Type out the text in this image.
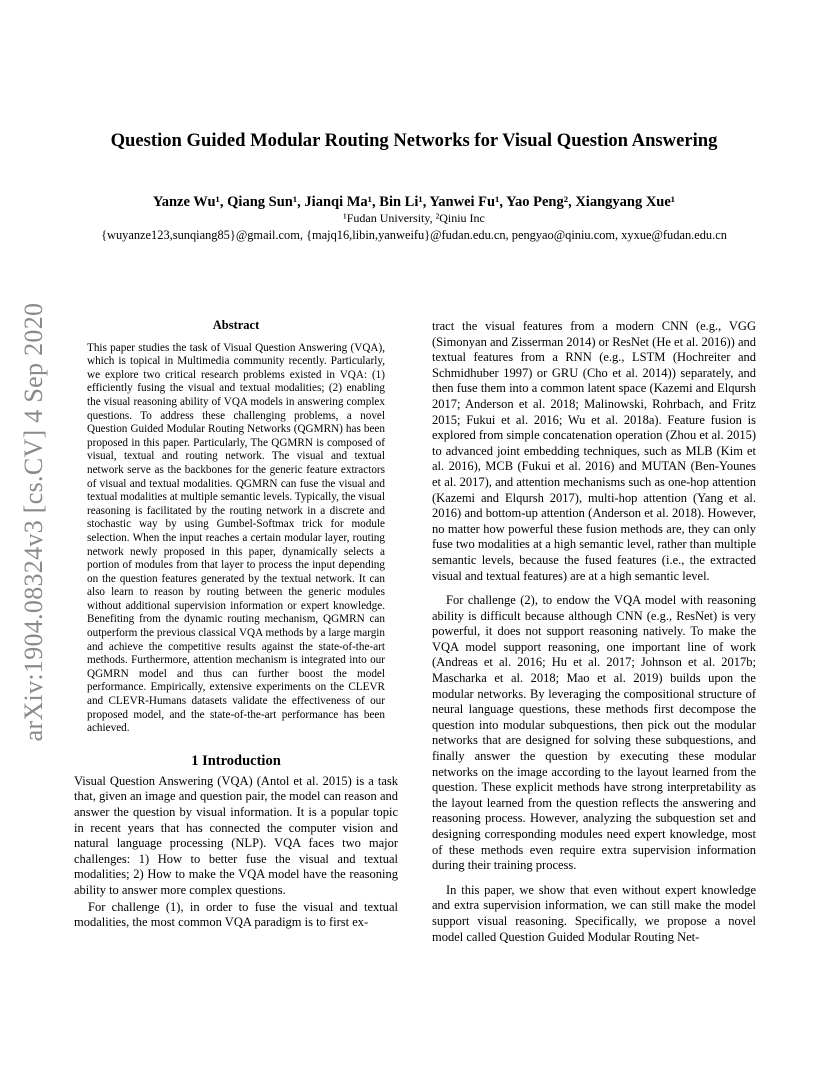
arXiv:1904.08324v3 [cs.CV] 4 Sep 2020
Question Guided Modular Routing Networks for Visual Question Answering
Yanze Wu¹, Qiang Sun¹, Jianqi Ma¹, Bin Li¹, Yanwei Fu¹, Yao Peng², Xiangyang Xue¹
¹Fudan University, ²Qiniu Inc
{wuyanze123,sunqiang85}@gmail.com, {majq16,libin,yanweifu}@fudan.edu.cn, pengyao@qiniu.com, xyxue@fudan.edu.cn
Abstract

This paper studies the task of Visual Question Answering (VQA), which is topical in Multimedia community recently. Particularly, we explore two critical research problems existed in VQA: (1) efficiently fusing the visual and textual modalities; (2) enabling the visual reasoning ability of VQA models in answering complex questions. To address these challenging problems, a novel Question Guided Modular Routing Networks (QGMRN) has been proposed in this paper. Particularly, The QGMRN is composed of visual, textual and routing network. The visual and textual network serve as the backbones for the generic feature extractors of visual and textual modalities. QGMRN can fuse the visual and textual modalities at multiple semantic levels. Typically, the visual reasoning is facilitated by the routing network in a discrete and stochastic way by using Gumbel-Softmax trick for module selection. When the input reaches a certain modular layer, routing network newly proposed in this paper, dynamically selects a portion of modules from that layer to process the input depending on the question features generated by the textual network. It can also learn to reason by routing between the generic modules without additional supervision information or expert knowledge. Benefiting from the dynamic routing mechanism, QGMRN can outperform the previous classical VQA methods by a large margin and achieve the competitive results against the state-of-the-art methods. Furthermore, attention mechanism is integrated into our QGMRN model and thus can further boost the model performance. Empirically, extensive experiments on the CLEVR and CLEVR-Humans datasets validate the effectiveness of our proposed model, and the state-of-the-art performance has been achieved.

1 Introduction

Visual Question Answering (VQA) (Antol et al. 2015) is a task that, given an image and question pair, the model can reason and answer the question by visual information. It is a popular topic in recent years that has connected the computer vision and natural language processing (NLP). VQA faces two major challenges: 1) How to better fuse the visual and textual modalities; 2) How to make the VQA model have the reasoning ability to answer more complex questions.

For challenge (1), in order to fuse the visual and textual modalities, the most common VQA paradigm is to first ex-

tract the visual features from a modern CNN (e.g., VGG (Simonyan and Zisserman 2014) or ResNet (He et al. 2016)) and textual features from a RNN (e.g., LSTM (Hochreiter and Schmidhuber 1997) or GRU (Cho et al. 2014)) separately, and then fuse them into a common latent space (Kazemi and Elqursh 2017; Anderson et al. 2018; Malinowski, Rohrbach, and Fritz 2015; Fukui et al. 2016; Wu et al. 2018a). Feature fusion is explored from simple concatenation operation (Zhou et al. 2015) to advanced joint embedding techniques, such as MLB (Kim et al. 2016), MCB (Fukui et al. 2016) and MUTAN (Ben-Younes et al. 2017), and attention mechanisms such as one-hop attention (Kazemi and Elqursh 2017), multi-hop attention (Yang et al. 2016) and bottom-up attention (Anderson et al. 2018). However, no matter how powerful these fusion methods are, they can only fuse two modalities at a high semantic level, rather than multiple semantic levels, because the fused features (i.e., the extracted visual and textual features) are at a high semantic level.

For challenge (2), to endow the VQA model with reasoning ability is difficult because although CNN (e.g., ResNet) is very powerful, it does not support reasoning natively. To make the VQA model support reasoning, one important line of work (Andreas et al. 2016; Hu et al. 2017; Johnson et al. 2017b; Mascharka et al. 2018; Mao et al. 2019) builds upon the modular networks. By leveraging the compositional structure of neural language questions, these methods first decompose the question into modular subquestions, then pick out the modular networks that are designed for solving these subquestions, and finally answer the question by executing these modular networks on the image according to the layout learned from the question. These explicit methods have strong interpretability as the layout learned from the question reflects the answering and reasoning process. However, analyzing the subquestion set and designing corresponding modules need expert knowledge, most of these methods even require extra supervision information during their training process.

In this paper, we show that even without expert knowledge and extra supervision information, we can still make the model support visual reasoning. Specifically, we propose a novel model called Question Guided Modular Routing Net-
